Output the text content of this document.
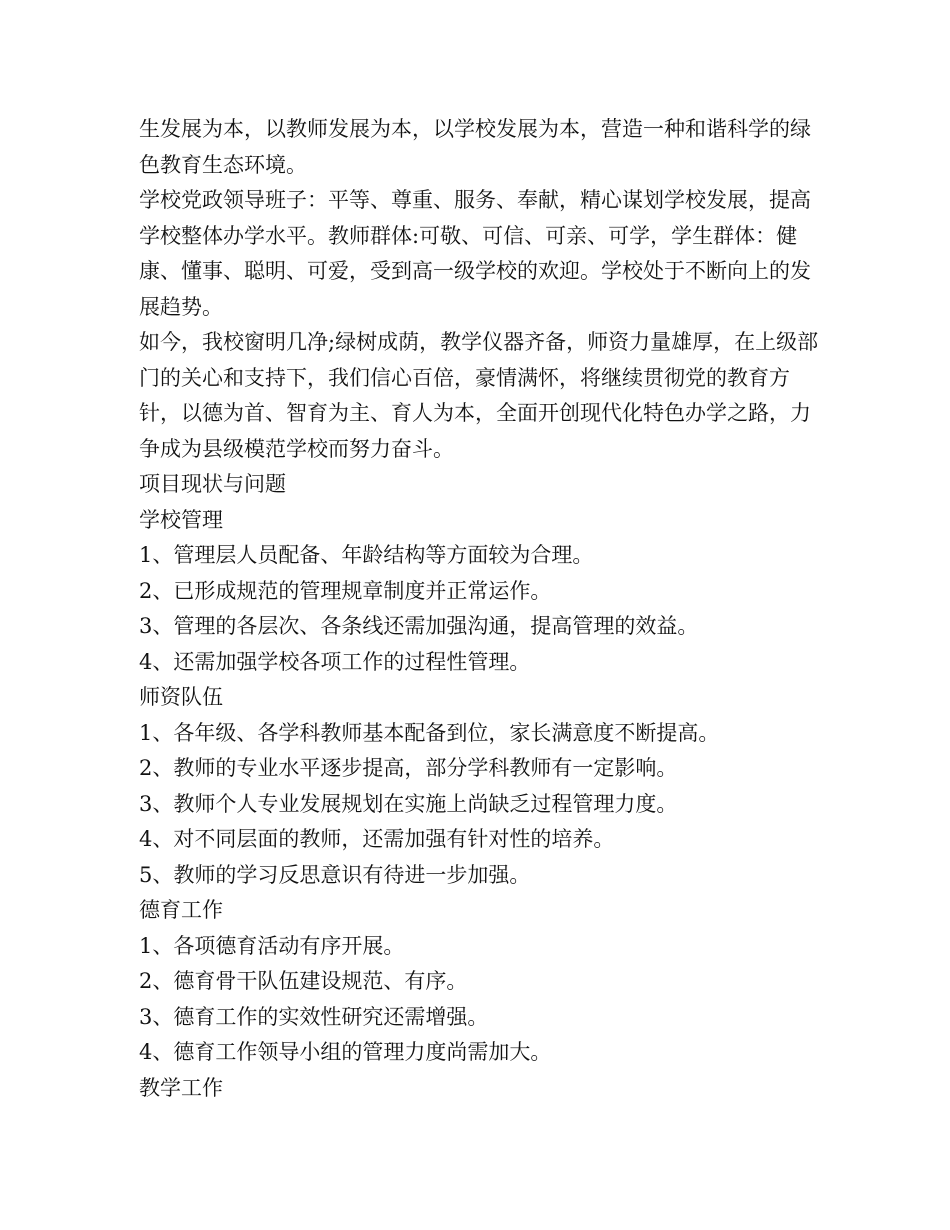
生发展为本，以教师发展为本，以学校发展为本，营造一种和谐科学的绿色教育生态环境。

学校党政领导班子：平等、尊重、服务、奉献，精心谋划学校发展，提高学校整体办学水平。教师群体:可敬、可信、可亲、可学，学生群体：健康、懂事、聪明、可爱，受到高一级学校的欢迎。学校处于不断向上的发展趋势。

如今，我校窗明几净;绿树成荫，教学仪器齐备，师资力量雄厚，在上级部门的关心和支持下，我们信心百倍，豪情满怀，将继续贯彻党的教育方针，以德为首、智育为主、育人为本，全面开创现代化特色办学之路，力争成为县级模范学校而努力奋斗。

项目现状与问题

学校管理

1、管理层人员配备、年龄结构等方面较为合理。

2、已形成规范的管理规章制度并正常运作。

3、管理的各层次、各条线还需加强沟通，提高管理的效益。

4、还需加强学校各项工作的过程性管理。

师资队伍

1、各年级、各学科教师基本配备到位，家长满意度不断提高。

2、教师的专业水平逐步提高，部分学科教师有一定影响。

3、教师个人专业发展规划在实施上尚缺乏过程管理力度。

4、对不同层面的教师，还需加强有针对性的培养。

5、教师的学习反思意识有待进一步加强。

德育工作

1、各项德育活动有序开展。

2、德育骨干队伍建设规范、有序。

3、德育工作的实效性研究还需增强。

4、德育工作领导小组的管理力度尚需加大。

教学工作
